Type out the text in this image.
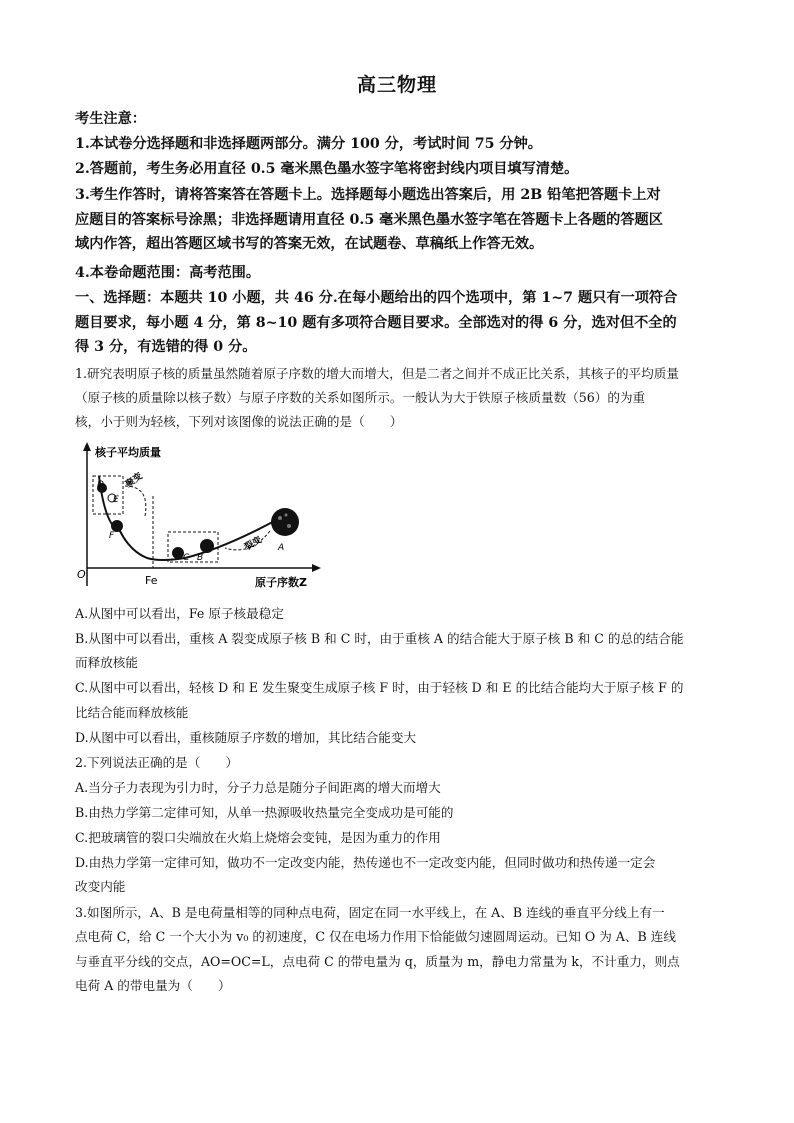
高三物理
考生注意：
1.本试卷分选择题和非选择题两部分。满分 100 分，考试时间 75 分钟。
2.答题前，考生务必用直径 0.5 毫米黑色墨水签字笔将密封线内项目填写清楚。
3.考生作答时，请将答案答在答题卡上。选择题每小题选出答案后，用 2B 铅笔把答题卡上对
应题目的答案标号涂黑；非选择题请用直径 0.5 毫米黑色墨水签字笔在答题卡上各题的答题区
域内作答，超出答题区域书写的答案无效，在试题卷、草稿纸上作答无效。
4.本卷命题范围：高考范围。
一、选择题：本题共 10 小题，共 46 分.在每小题给出的四个选项中，第 1~7 题只有一项符合
题目要求，每小题 4 分，第 8~10 题有多项符合题目要求。全部选对的得 6 分，选对但不全的
得 3 分，有选错的得 0 分。
1.研究表明原子核的质量虽然随着原子序数的增大而增大，但是二者之间并不成正比关系，其核子的平均质量
（原子核的质量除以核子数）与原子序数的关系如图所示。一般认为大于铁原子核质量数（56）的为重
核，小于则为轻核，下列对该图像的说法正确的是（　　）
核子平均质量
原子序数Z
O	Fe
D
E
F
聚变
C B
A
裂变
A.从图中可以看出，Fe 原子核最稳定
B.从图中可以看出，重核 A 裂变成原子核 B 和 C 时，由于重核 A 的结合能大于原子核 B 和 C 的总的结合能
而释放核能
C.从图中可以看出，轻核 D 和 E 发生聚变生成原子核 F 时，由于轻核 D 和 E 的比结合能均大于原子核 F 的
比结合能而释放核能
D.从图中可以看出，重核随原子序数的增加，其比结合能变大
2.下列说法正确的是（　　）
A.当分子力表现为引力时，分子力总是随分子间距离的增大而增大
B.由热力学第二定律可知，从单一热源吸收热量完全变成功是可能的
C.把玻璃管的裂口尖端放在火焰上烧熔会变钝，是因为重力的作用
D.由热力学第一定律可知，做功不一定改变内能，热传递也不一定改变内能，但同时做功和热传递一定会
改变内能
3.如图所示，A、B 是电荷量相等的同种点电荷，固定在同一水平线上，在 A、B 连线的垂直平分线上有一
点电荷 C，给 C 一个大小为 v₀ 的初速度，C 仅在电场力作用下恰能做匀速圆周运动。已知 O 为 A、B 连线
与垂直平分线的交点，AO=OC=L，点电荷 C 的带电量为 q，质量为 m，静电力常量为 k，不计重力，则点
电荷 A 的带电量为（　　）
